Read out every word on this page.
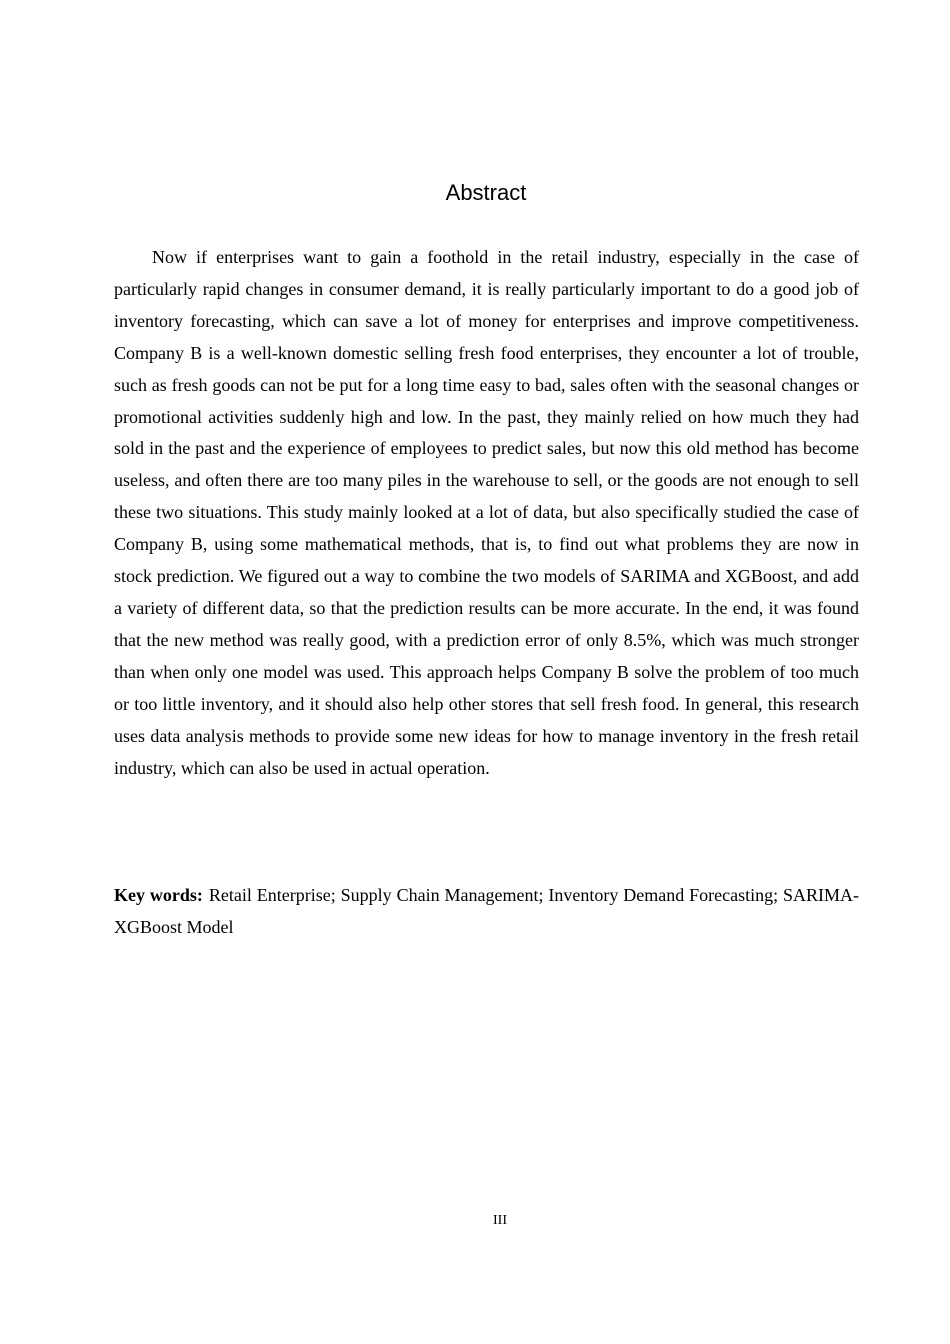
Abstract

Now if enterprises want to gain a foothold in the retail industry, especially in the case of particularly rapid changes in consumer demand, it is really particularly important to do a good job of inventory forecasting, which can save a lot of money for enterprises and improve competitiveness. Company B is a well-known domestic selling fresh food enterprises, they encounter a lot of trouble, such as fresh goods can not be put for a long time easy to bad, sales often with the seasonal changes or promotional activities suddenly high and low. In the past, they mainly relied on how much they had sold in the past and the experience of employees to predict sales, but now this old method has become useless, and often there are too many piles in the warehouse to sell, or the goods are not enough to sell these two situations. This study mainly looked at a lot of data, but also specifically studied the case of Company B, using some mathematical methods, that is, to find out what problems they are now in stock prediction. We figured out a way to combine the two models of SARIMA and XGBoost, and add a variety of different data, so that the prediction results can be more accurate. In the end, it was found that the new method was really good, with a prediction error of only 8.5%, which was much stronger than when only one model was used. This approach helps Company B solve the problem of too much or too little inventory, and it should also help other stores that sell fresh food. In general, this research uses data analysis methods to provide some new ideas for how to manage inventory in the fresh retail industry, which can also be used in actual operation.

Key words: Retail Enterprise; Supply Chain Management; Inventory Demand Forecasting; SARIMA-XGBoost Model

III
